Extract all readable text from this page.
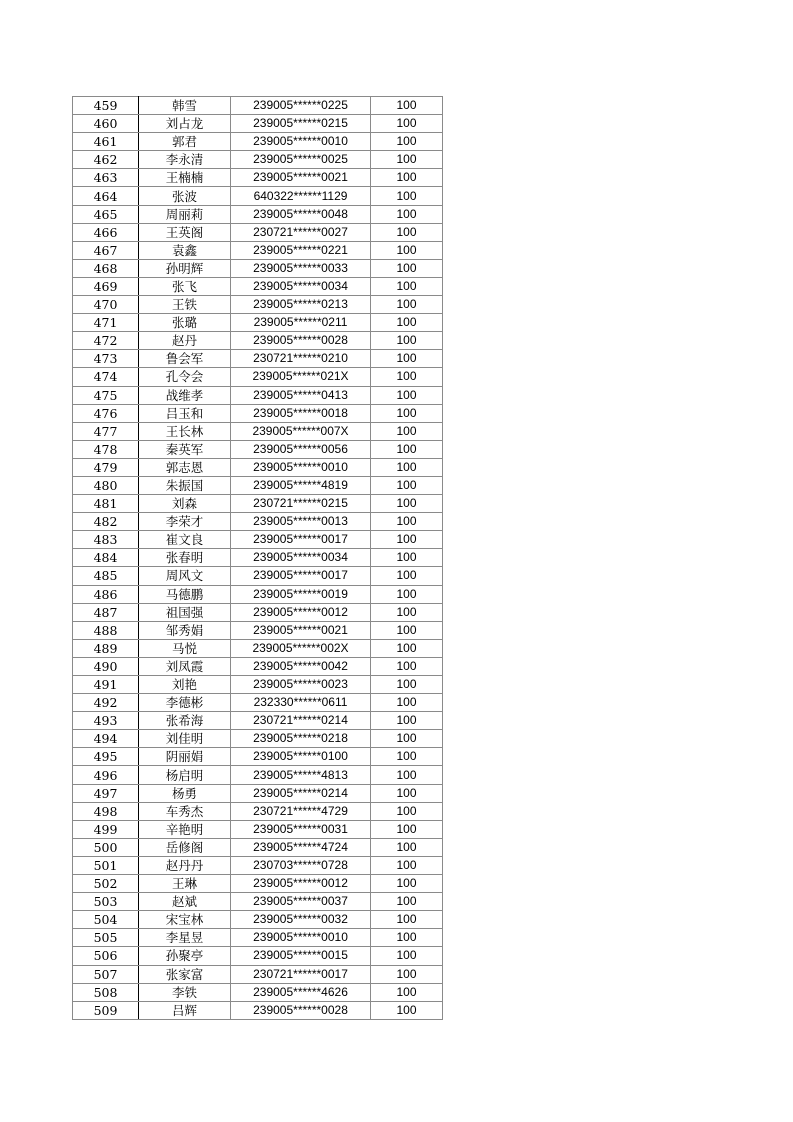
459	韩雪	239005******0225	100
460	刘占龙	239005******0215	100
461	郭君	239005******0010	100
462	李永清	239005******0025	100
463	王楠楠	239005******0021	100
464	张波	640322******1129	100
465	周丽莉	239005******0048	100
466	王英阁	230721******0027	100
467	袁鑫	239005******0221	100
468	孙明辉	239005******0033	100
469	张飞	239005******0034	100
470	王铁	239005******0213	100
471	张璐	239005******0211	100
472	赵丹	239005******0028	100
473	鲁会军	230721******0210	100
474	孔令会	239005******021X	100
475	战维孝	239005******0413	100
476	吕玉和	239005******0018	100
477	王长林	239005******007X	100
478	秦英军	239005******0056	100
479	郭志恩	239005******0010	100
480	朱振国	239005******4819	100
481	刘森	230721******0215	100
482	李荣才	239005******0013	100
483	崔文良	239005******0017	100
484	张春明	239005******0034	100
485	周风文	239005******0017	100
486	马德鹏	239005******0019	100
487	祖国强	239005******0012	100
488	邹秀娟	239005******0021	100
489	马悦	239005******002X	100
490	刘凤霞	239005******0042	100
491	刘艳	239005******0023	100
492	李德彬	232330******0611	100
493	张希海	230721******0214	100
494	刘佳明	239005******0218	100
495	阴丽娟	239005******0100	100
496	杨启明	239005******4813	100
497	杨勇	239005******0214	100
498	车秀杰	230721******4729	100
499	辛艳明	239005******0031	100
500	岳修阁	239005******4724	100
501	赵丹丹	230703******0728	100
502	王琳	239005******0012	100
503	赵斌	239005******0037	100
504	宋宝林	239005******0032	100
505	李星昱	239005******0010	100
506	孙聚亭	239005******0015	100
507	张家富	230721******0017	100
508	李铁	239005******4626	100
509	吕辉	239005******0028	100
